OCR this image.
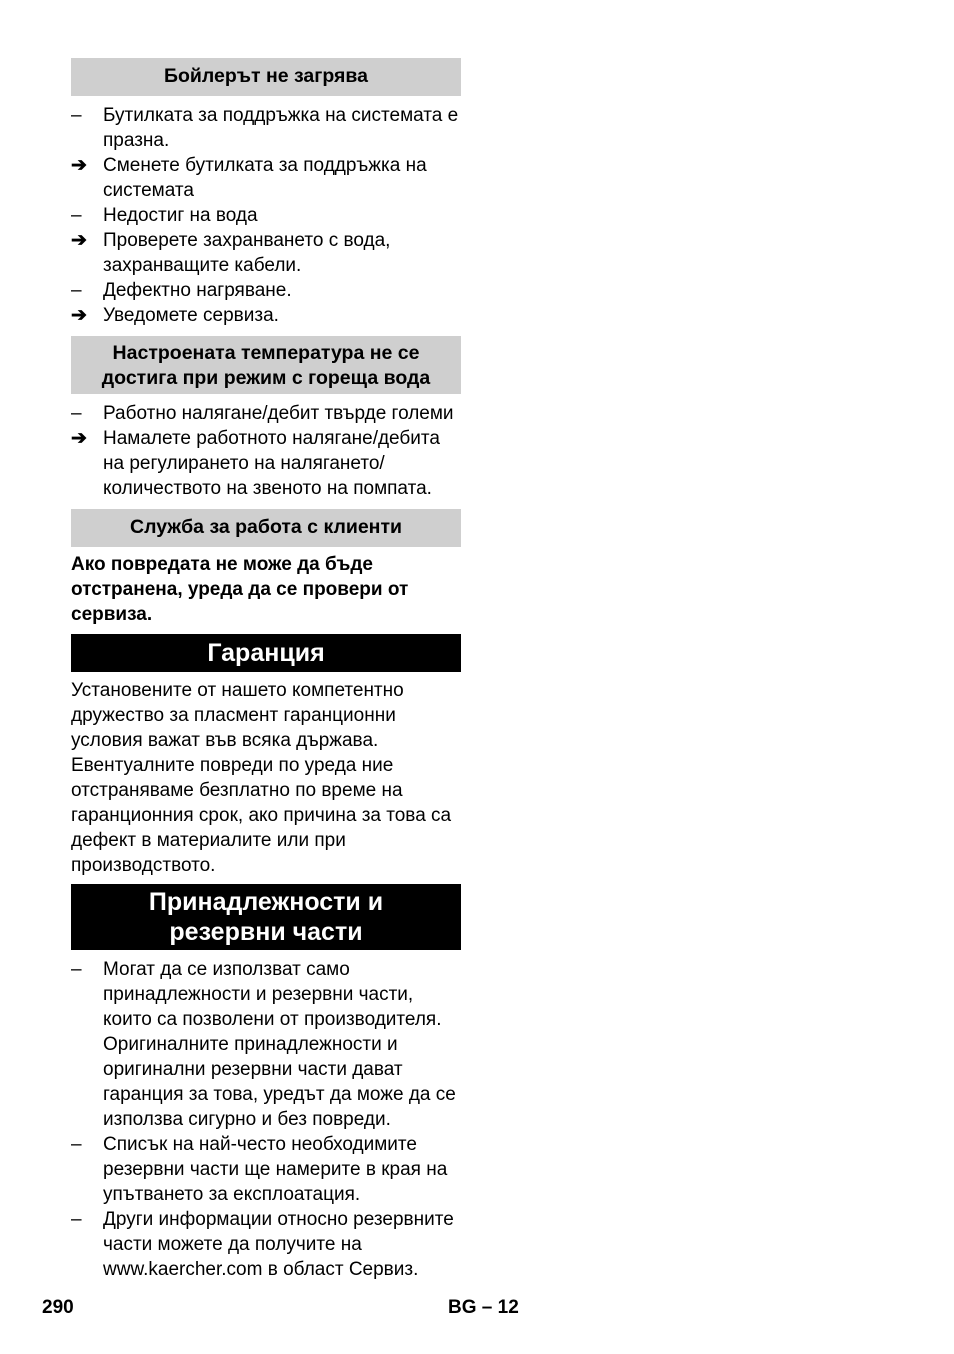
Бойлерът не загрява
–	Бутилката за поддръжка на системата е празна.
➔ Сменете бутилката за поддръжка на системата
–	Недостиг на вода
➔ Проверете захранването с вода, захранващите кабели.
–	Дефектно нагряване.
➔ Уведомете сервиза.
Настроената температура не се
достига при режим с гореща вода
–	Работно налягане/дебит твърде големи
➔ Намалете работното налягане/дебита на регулирането на налягането/количеството на звеното на помпата.
Служба за работа с клиенти

Ако повредата не може да бъде отстранена, уреда да се провери от сервиза.

Гаранция

Установените от нашето компетентно дружество за пласмент гаранционни условия важат във всяка държава. Евентуалните повреди по уреда ние отстраняваме безплатно по време на гаранционния срок, ако причина за това са дефект в материалите или при производството.

Принадлежности и
резервни части
–	Могат да се използват само принадлежности и резервни части, които са позволени от производителя. Оригиналните принадлежности и оригинални резервни части дават гаранция за това, уредът да може да се използва сигурно и без повреди.
–	Списък на най-често необходимите резервни части ще намерите в края на упътването за експлоатация.
–	Други информации относно резервните части можете да получите на www.kaercher.com в област Сервиз.
290	BG – 12
